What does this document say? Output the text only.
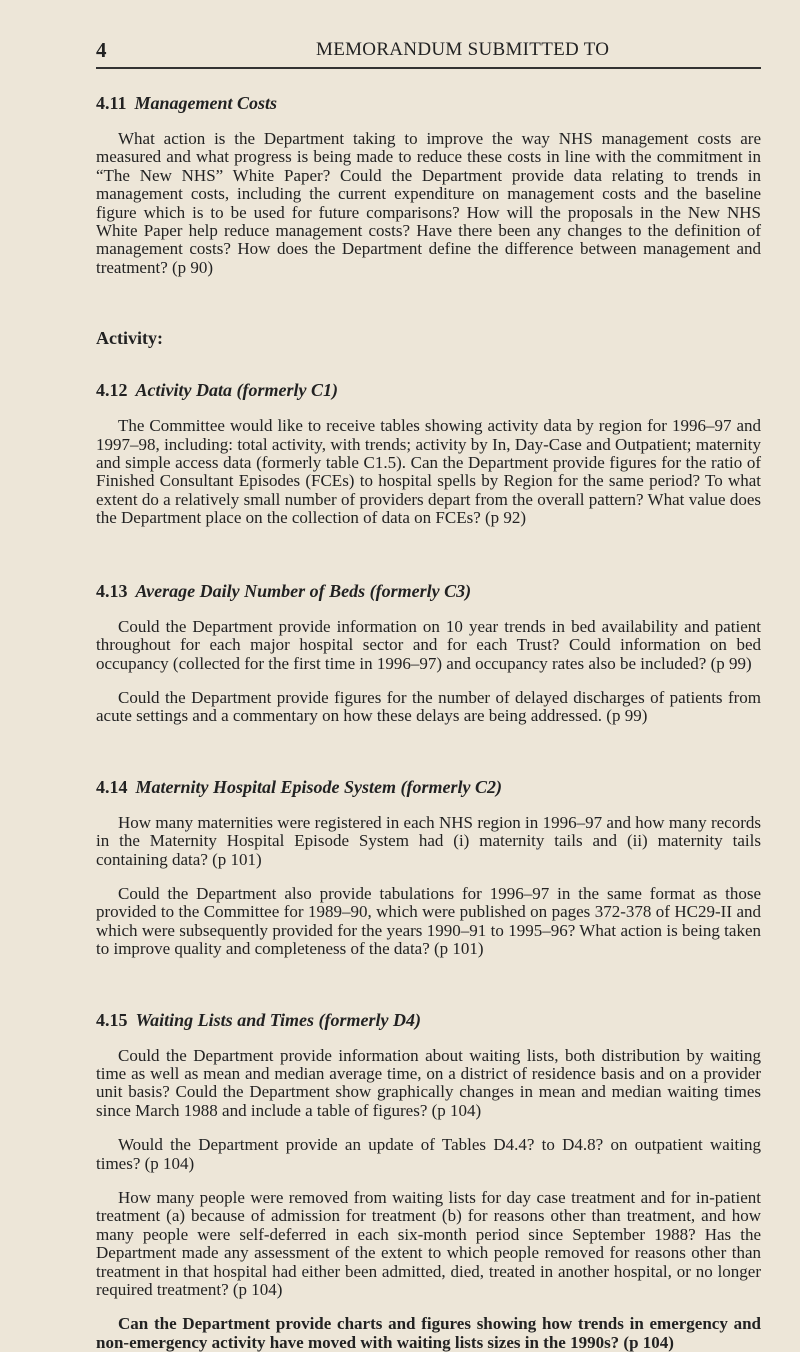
4	MEMORANDUM SUBMITTED TO
4.11 Management Costs

What action is the Department taking to improve the way NHS management costs are measured and what progress is being made to reduce these costs in line with the commitment in “The New NHS” White Paper? Could the Department provide data relating to trends in management costs, including the current expenditure on management costs and the baseline figure which is to be used for future comparisons? How will the proposals in the New NHS White Paper help reduce management costs? Have there been any changes to the definition of management costs? How does the Department define the difference between management and treatment? (p 90)

Activity:
4.12 Activity Data (formerly C1)

The Committee would like to receive tables showing activity data by region for 1996–97 and 1997–98, including: total activity, with trends; activity by In, Day-Case and Outpatient; maternity and simple access data (formerly table C1.5). Can the Department provide figures for the ratio of Finished Consultant Episodes (FCEs) to hospital spells by Region for the same period? To what extent do a relatively small number of providers depart from the overall pattern? What value does the Department place on the collection of data on FCEs? (p 92)

4.13 Average Daily Number of Beds (formerly C3)

Could the Department provide information on 10 year trends in bed availability and patient throughout for each major hospital sector and for each Trust? Could information on bed occupancy (collected for the first time in 1996–97) and occupancy rates also be included? (p 99)

Could the Department provide figures for the number of delayed discharges of patients from acute settings and a commentary on how these delays are being addressed. (p 99)

4.14 Maternity Hospital Episode System (formerly C2)

How many maternities were registered in each NHS region in 1996–97 and how many records in the Maternity Hospital Episode System had (i) maternity tails and (ii) maternity tails containing data? (p 101)

Could the Department also provide tabulations for 1996–97 in the same format as those provided to the Committee for 1989–90, which were published on pages 372-378 of HC29-II and which were subsequently provided for the years 1990–91 to 1995–96? What action is being taken to improve quality and completeness of the data? (p 101)

4.15 Waiting Lists and Times (formerly D4)

Could the Department provide information about waiting lists, both distribution by waiting time as well as mean and median average time, on a district of residence basis and on a provider unit basis? Could the Department show graphically changes in mean and median waiting times since March 1988 and include a table of figures? (p 104)

Would the Department provide an update of Tables D4.4? to D4.8? on outpatient waiting times? (p 104)

How many people were removed from waiting lists for day case treatment and for in-patient treatment (a) because of admission for treatment (b) for reasons other than treatment, and how many people were self-deferred in each six-month period since September 1988? Has the Department made any assessment of the extent to which people removed for reasons other than treatment in that hospital had either been admitted, died, treated in another hospital, or no longer required treatment? (p 104)

Can the Department provide charts and figures showing how trends in emergency and non-emergency activity have moved with waiting lists sizes in the 1990s? (p 104)
